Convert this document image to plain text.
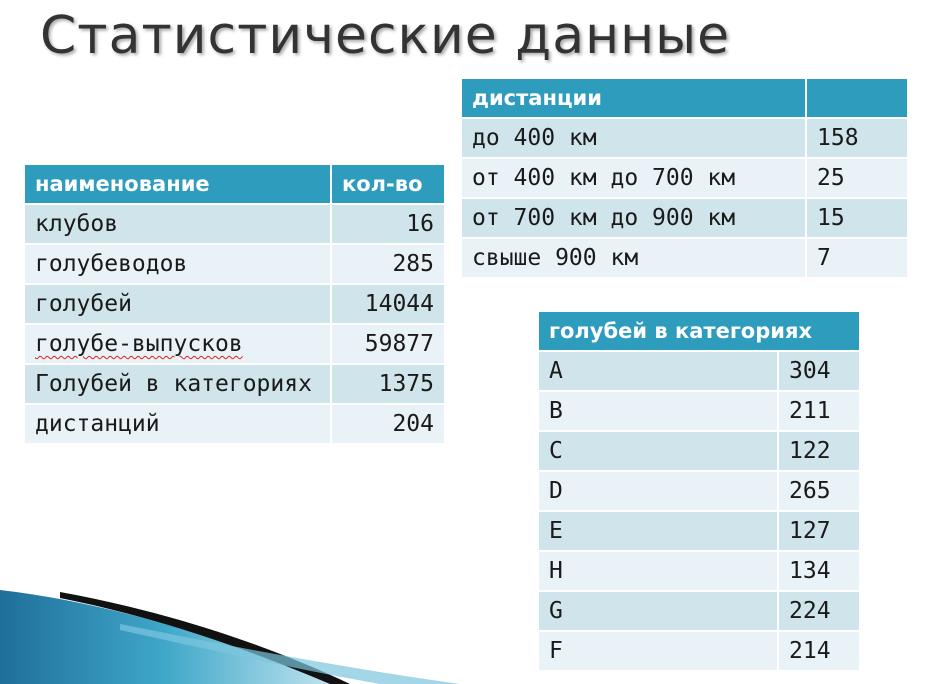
Статистические данные
наименование	кол-во
клубов	16
голубеводов	285
голубей	14044
голубе-выпусков	59877
Голубей в категориях	1375
дистанций	204
дистанции	
до 400 км	158
от 400 км до 700 км	25
от 700 км до 900 км	15
свыше 900 км	7
голубей в категориях	
A	304
B	211
C	122
D	265
E	127
H	134
G	224
F	214
